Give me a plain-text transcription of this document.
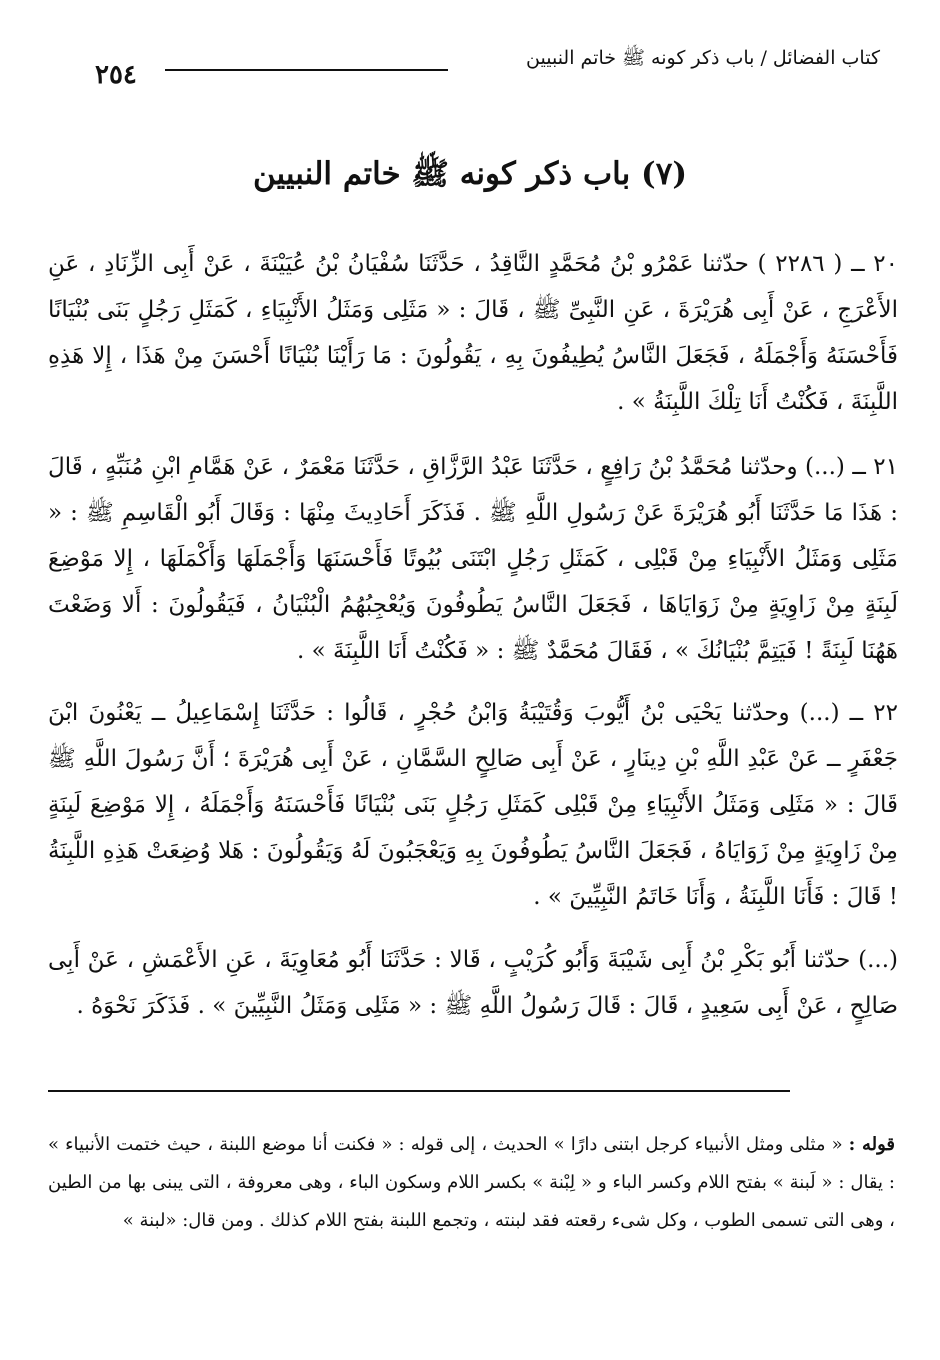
كتاب الفضائل / باب ذكر كونه ﷺ خاتم النبيين
٢٥٤
(٧) باب ذكر كونه ﷺ خاتم النبيين

٢٠ ــ ( ٢٢٨٦ ) حدّثنا عَمْرُو بْنُ مُحَمَّدٍ النَّاقِدُ ، حَدَّثَنَا سُفْيَانُ بْنُ عُيَيْنَةَ ، عَنْ أَبِى الزِّنَادِ ، عَنِ الأَعْرَجِ ، عَنْ أَبِى هُرَيْرَةَ ، عَنِ النَّبِىِّ ﷺ ، قَالَ : « مَثَلِى وَمَثَلُ الأَنْبِيَاءِ ، كَمَثَلِ رَجُلٍ بَنَى بُنْيَانًا فَأَحْسَنَهُ وَأَجْمَلَهُ ، فَجَعَلَ النَّاسُ يُطِيفُونَ بِهِ ، يَقُولُونَ : مَا رَأَيْنَا بُنْيَانًا أَحْسَنَ مِنْ هَذَا ، إِلا هَذِهِ اللَّبِنَةَ ، فَكُنْتُ أَنَا تِلْكَ اللَّبِنَةُ » .

٢١ ــ (...) وحدّثنا مُحَمَّدُ بْنُ رَافِعٍ ، حَدَّثَنَا عَبْدُ الرَّزَّاقِ ، حَدَّثَنَا مَعْمَرٌ ، عَنْ هَمَّامِ ابْنِ مُنَبِّهٍ ، قَالَ : هَذَا مَا حَدَّثَنَا أَبُو هُرَيْرَةَ عَنْ رَسُولِ اللَّهِ ﷺ . فَذَكَرَ أَحَادِيثَ مِنْهَا : وَقَالَ أَبُو الْقَاسِمِ ﷺ : « مَثَلِى وَمَثَلُ الأَنْبِيَاءِ مِنْ قَبْلِى ، كَمَثَلِ رَجُلٍ ابْتَنَى بُيُوتًا فَأَحْسَنَهَا وَأَجْمَلَهَا وَأَكْمَلَهَا ، إِلا مَوْضِعَ لَبِنَةٍ مِنْ زَاوِيَةٍ مِنْ زَوَايَاهَا ، فَجَعَلَ النَّاسُ يَطُوفُونَ وَيُعْجِبُهُمُ الْبُنْيَانُ ، فَيَقُولُونَ : أَلا وَضَعْتَ هَهُنَا لَبِنَةً ! فَيَتِمَّ بُنْيَانُكَ » ، فَقَالَ مُحَمَّدٌ ﷺ : « فَكُنْتُ أَنَا اللَّبِنَةَ » .

٢٢ ــ (...) وحدّثنا يَحْيَى بْنُ أَيُّوبَ وَقُتَيْبَةُ وَابْنُ حُجْرٍ ، قَالُوا : حَدَّثَنَا إِسْمَاعِيلُ ــ يَعْنُونَ ابْنَ جَعْفَرٍ ــ عَنْ عَبْدِ اللَّهِ بْنِ دِينَارٍ ، عَنْ أَبِى صَالِحٍ السَّمَّانِ ، عَنْ أَبِى هُرَيْرَةَ ؛ أَنَّ رَسُولَ اللَّهِ ﷺ قَالَ : « مَثَلِى وَمَثَلُ الأَنْبِيَاءِ مِنْ قَبْلِى كَمَثَلِ رَجُلٍ بَنَى بُنْيَانًا فَأَحْسَنَهُ وَأَجْمَلَهُ ، إِلا مَوْضِعَ لَبِنَةٍ مِنْ زَاوِيَةٍ مِنْ زَوَايَاهُ ، فَجَعَلَ النَّاسُ يَطُوفُونَ بِهِ وَيَعْجَبُونَ لَهُ وَيَقُولُونَ : هَلا وُضِعَتْ هَذِهِ اللَّبِنَةُ ! قَالَ : فَأَنَا اللَّبِنَةُ ، وَأَنَا خَاتَمُ النَّبِيِّينَ » .

(...) حدّثنا أَبُو بَكْرِ بْنُ أَبِى شَيْبَةَ وَأَبُو كُرَيْبٍ ، قَالا : حَدَّثَنَا أَبُو مُعَاوِيَةَ ، عَنِ الأَعْمَشِ ، عَنْ أَبِى صَالِحٍ ، عَنْ أَبِى سَعِيدٍ ، قَالَ : قَالَ رَسُولُ اللَّهِ ﷺ : « مَثَلِى وَمَثَلُ النَّبِيِّينَ » . فَذَكَرَ نَحْوَهُ .

قوله : « مثلى ومثل الأنبياء كرجل ابتنى دارًا » الحديث ، إلى قوله : « فكنت أنا موضع اللبنة ، حيث ختمت الأنبياء » : يقال : « لَبنة » بفتح اللام وكسر الباء و « لِبْنة » بكسر اللام وسكون الباء ، وهى معروفة ، التى يبنى بها من الطين ، وهى التى تسمى الطوب ، وكل شىء رقعته فقد لبنته ، وتجمع اللبنة بفتح اللام كذلك . ومن قال: «لبنة »
